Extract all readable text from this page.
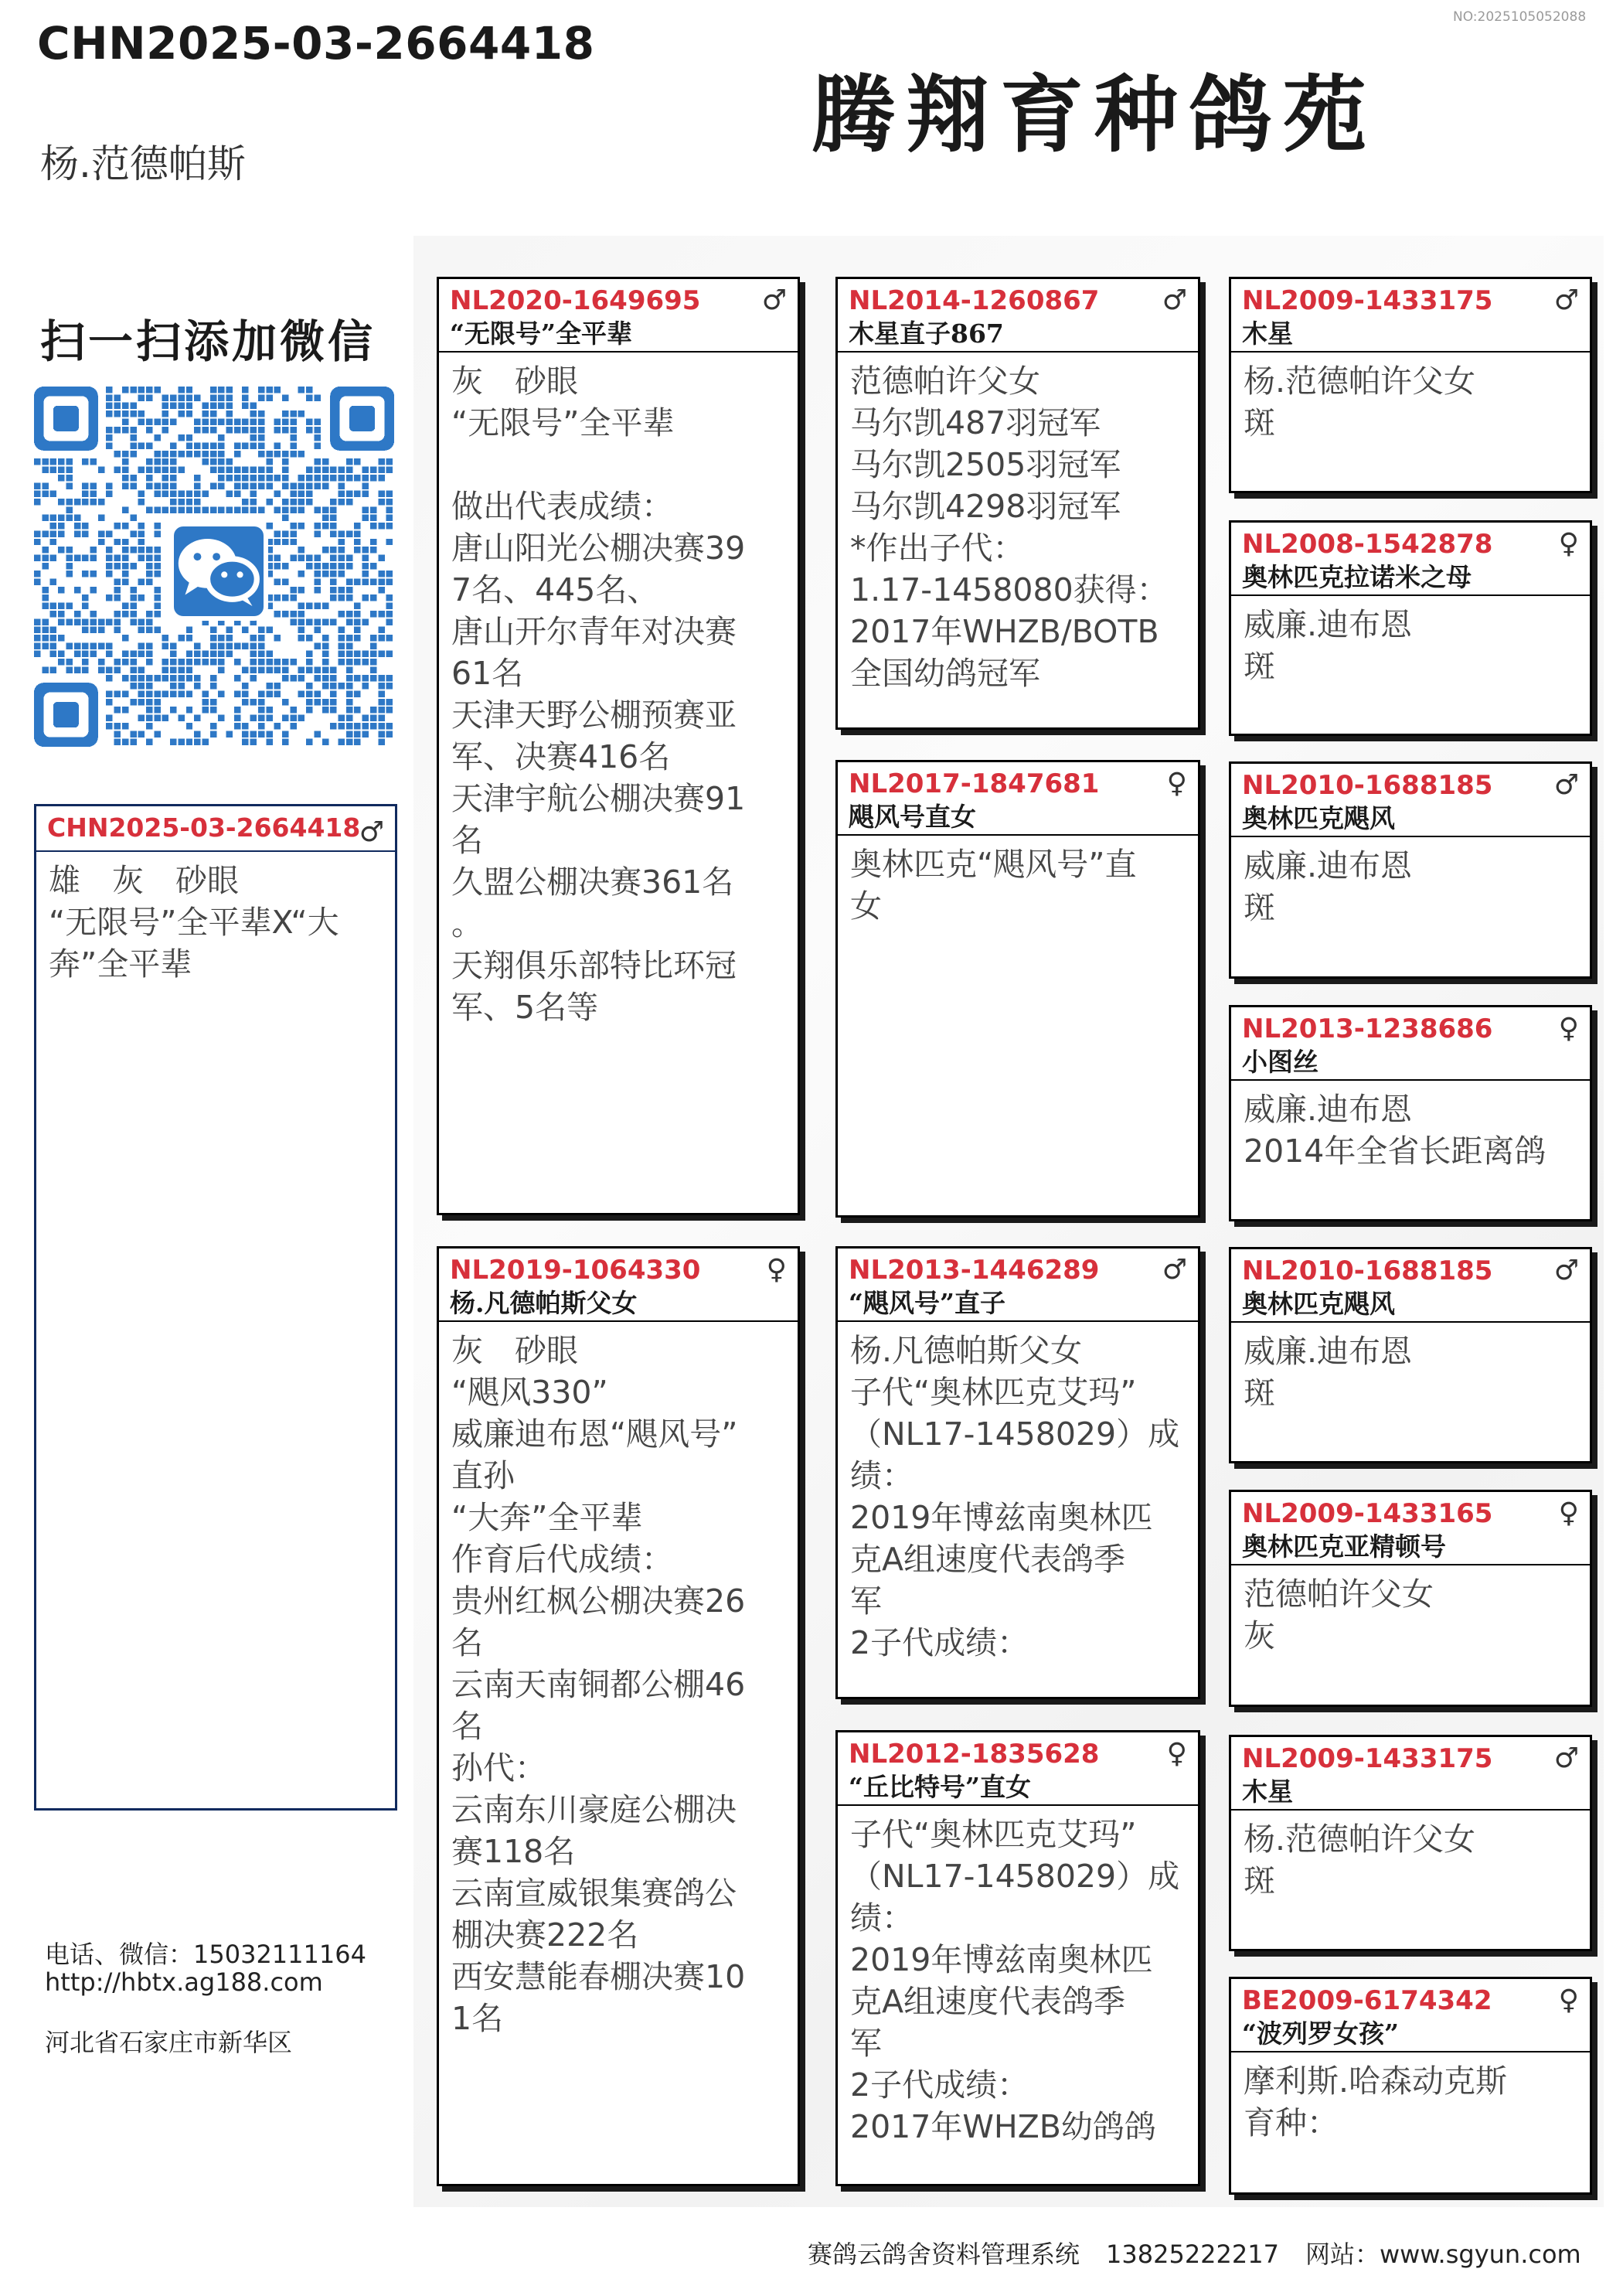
NO:2025105052088
CHN2025-03-2664418
杨.范德帕斯	腾翔育种鸽苑
扫一扫添加微信
CHN2025-03-2664418
♂
雄　灰　砂眼
“无限号”全平辈X“大奔”全平辈
NL2020-1649695	♂
“无限号”全平辈
灰　砂眼
“无限号”全平辈

做出代表成绩：
唐山阳光公棚决赛39
7名、445名、
唐山开尔青年对决赛
61名
天津天野公棚预赛亚
军、决赛416名
天津宇航公棚决赛91
名
久盟公棚决赛361名
。
天翔俱乐部特比环冠
军、5名等
NL2019-1064330	♀
杨.凡德帕斯父女
灰　砂眼
“飓风330”
威廉迪布恩“飓风号”
直孙
“大奔”全平辈
作育后代成绩：
贵州红枫公棚决赛26
名
云南天南铜都公棚46
名
孙代：
云南东川豪庭公棚决
赛118名
云南宣威银集赛鸽公
棚决赛222名
西安慧能春棚决赛10
1名
NL2014-1260867	♂
木星直子867
范德帕许父女
马尔凯487羽冠军
马尔凯2505羽冠军
马尔凯4298羽冠军
*作出子代：
1.17-1458080获得：
2017年WHZB/BOTB
全国幼鸽冠军
NL2017-1847681	♀
飓风号直女
奥林匹克“飓风号”直
女
NL2013-1446289	♂
“飓风号”直子
杨.凡德帕斯父女
子代“奥林匹克艾玛”
（NL17-1458029）成
绩：
2019年博兹南奥林匹
克A组速度代表鸽季
军
2子代成绩：
NL2012-1835628	♀
“丘比特号”直女
子代“奥林匹克艾玛”
（NL17-1458029）成
绩：
2019年博兹南奥林匹
克A组速度代表鸽季
军
2子代成绩：
2017年WHZB幼鸽鸽
NL2009-1433175	♂
木星
杨.范德帕许父女
斑
NL2008-1542878	♀
奥林匹克拉诺米之母
威廉.迪布恩
斑
NL2010-1688185	♂
奥林匹克飓风
威廉.迪布恩
斑
NL2013-1238686	♀
小图丝
威廉.迪布恩
2014年全省长距离鸽
NL2010-1688185	♂
奥林匹克飓风
威廉.迪布恩
斑
NL2009-1433165	♀
奥林匹克亚精顿号
范德帕许父女
灰
NL2009-1433175	♂
木星
杨.范德帕许父女
斑
BE2009-6174342	♀
“波列罗女孩”
摩利斯.哈森动克斯
育种：
电话、微信：15032111164
http://hbtx.ag188.com
河北省石家庄市新华区
赛鸽云鸽舍资料管理系统 13825222217 网站：www.sgyun.com
